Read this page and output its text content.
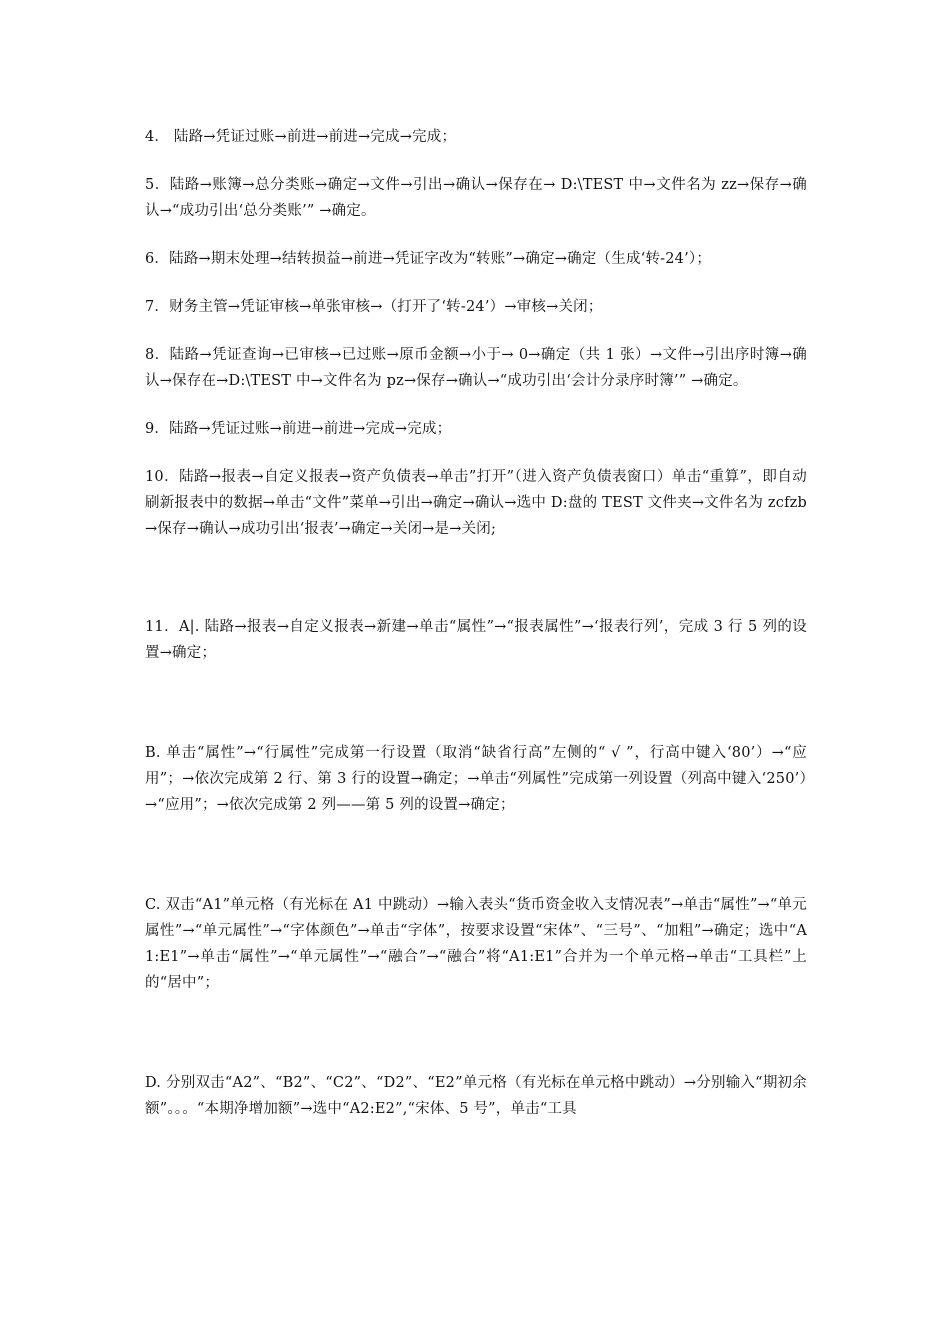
4． 陆路→凭证过账→前进→前进→完成→完成；

5．陆路→账簿→总分类账→确定→文件→引出→确认→保存在→ D:\TEST 中→文件名为 zz→保存→确认→“成功引出‘总分类账’” →确定。

6．陆路→期末处理→结转损益→前进→凭证字改为“转账”→确定→确定（生成‘转-24’）；

7．财务主管→凭证审核→单张审核→（打开了‘转-24’）→审核→关闭；

8．陆路→凭证查询→已审核→已过账→原币金额→小于→ 0→确定（共 1 张）→文件→引出序时簿→确认→保存在→D:\TEST 中→文件名为 pz→保存→确认→“成功引出‘会计分录序时簿’” →确定。

9．陆路→凭证过账→前进→前进→完成→完成；

10．陆路→报表→自定义报表→资产负债表→单击”打开”（进入资产负债表窗口）单击“重算”，即自动刷新报表中的数据→单击“文件”菜单→引出→确定→确认→选中 D:盘的 TEST 文件夹→文件名为 zcfzb→保存→确认→成功引出‘报表’→确定→关闭→是→关闭;

11．A|. 陆路→报表→自定义报表→新建→单击“属性”→“报表属性”→‘报表行列’，完成 3 行 5 列的设置→确定；

B. 单击“属性”→“行属性”完成第一行设置（取消“缺省行高”左侧的“ √ ”，行高中键入‘80’）→“应用”；→依次完成第 2 行、第 3 行的设置→确定；→单击“列属性”完成第一列设置（列高中键入‘250’）→“应用”；→依次完成第 2 列——第 5 列的设置→确定；

C. 双击“A1”单元格（有光标在 A1 中跳动）→输入表头“货币资金收入支情况表”→单击“属性”→“单元属性”→“单元属性”→“字体颜色”→单击“字体”，按要求设置“宋体”、“三号”、“加粗”→确定；选中“A1:E1”→单击“属性”→“单元属性”→“融合”→“融合”将“A1:E1”合并为一个单元格→单击“工具栏”上的“居中”；

D. 分别双击“A2”、“B2”、“C2”、“D2”、“E2”单元格（有光标在单元格中跳动）→分别输入“期初余额”。。。“本期净增加额”→选中“A2:E2”,“宋体、5 号”，单击“工具
